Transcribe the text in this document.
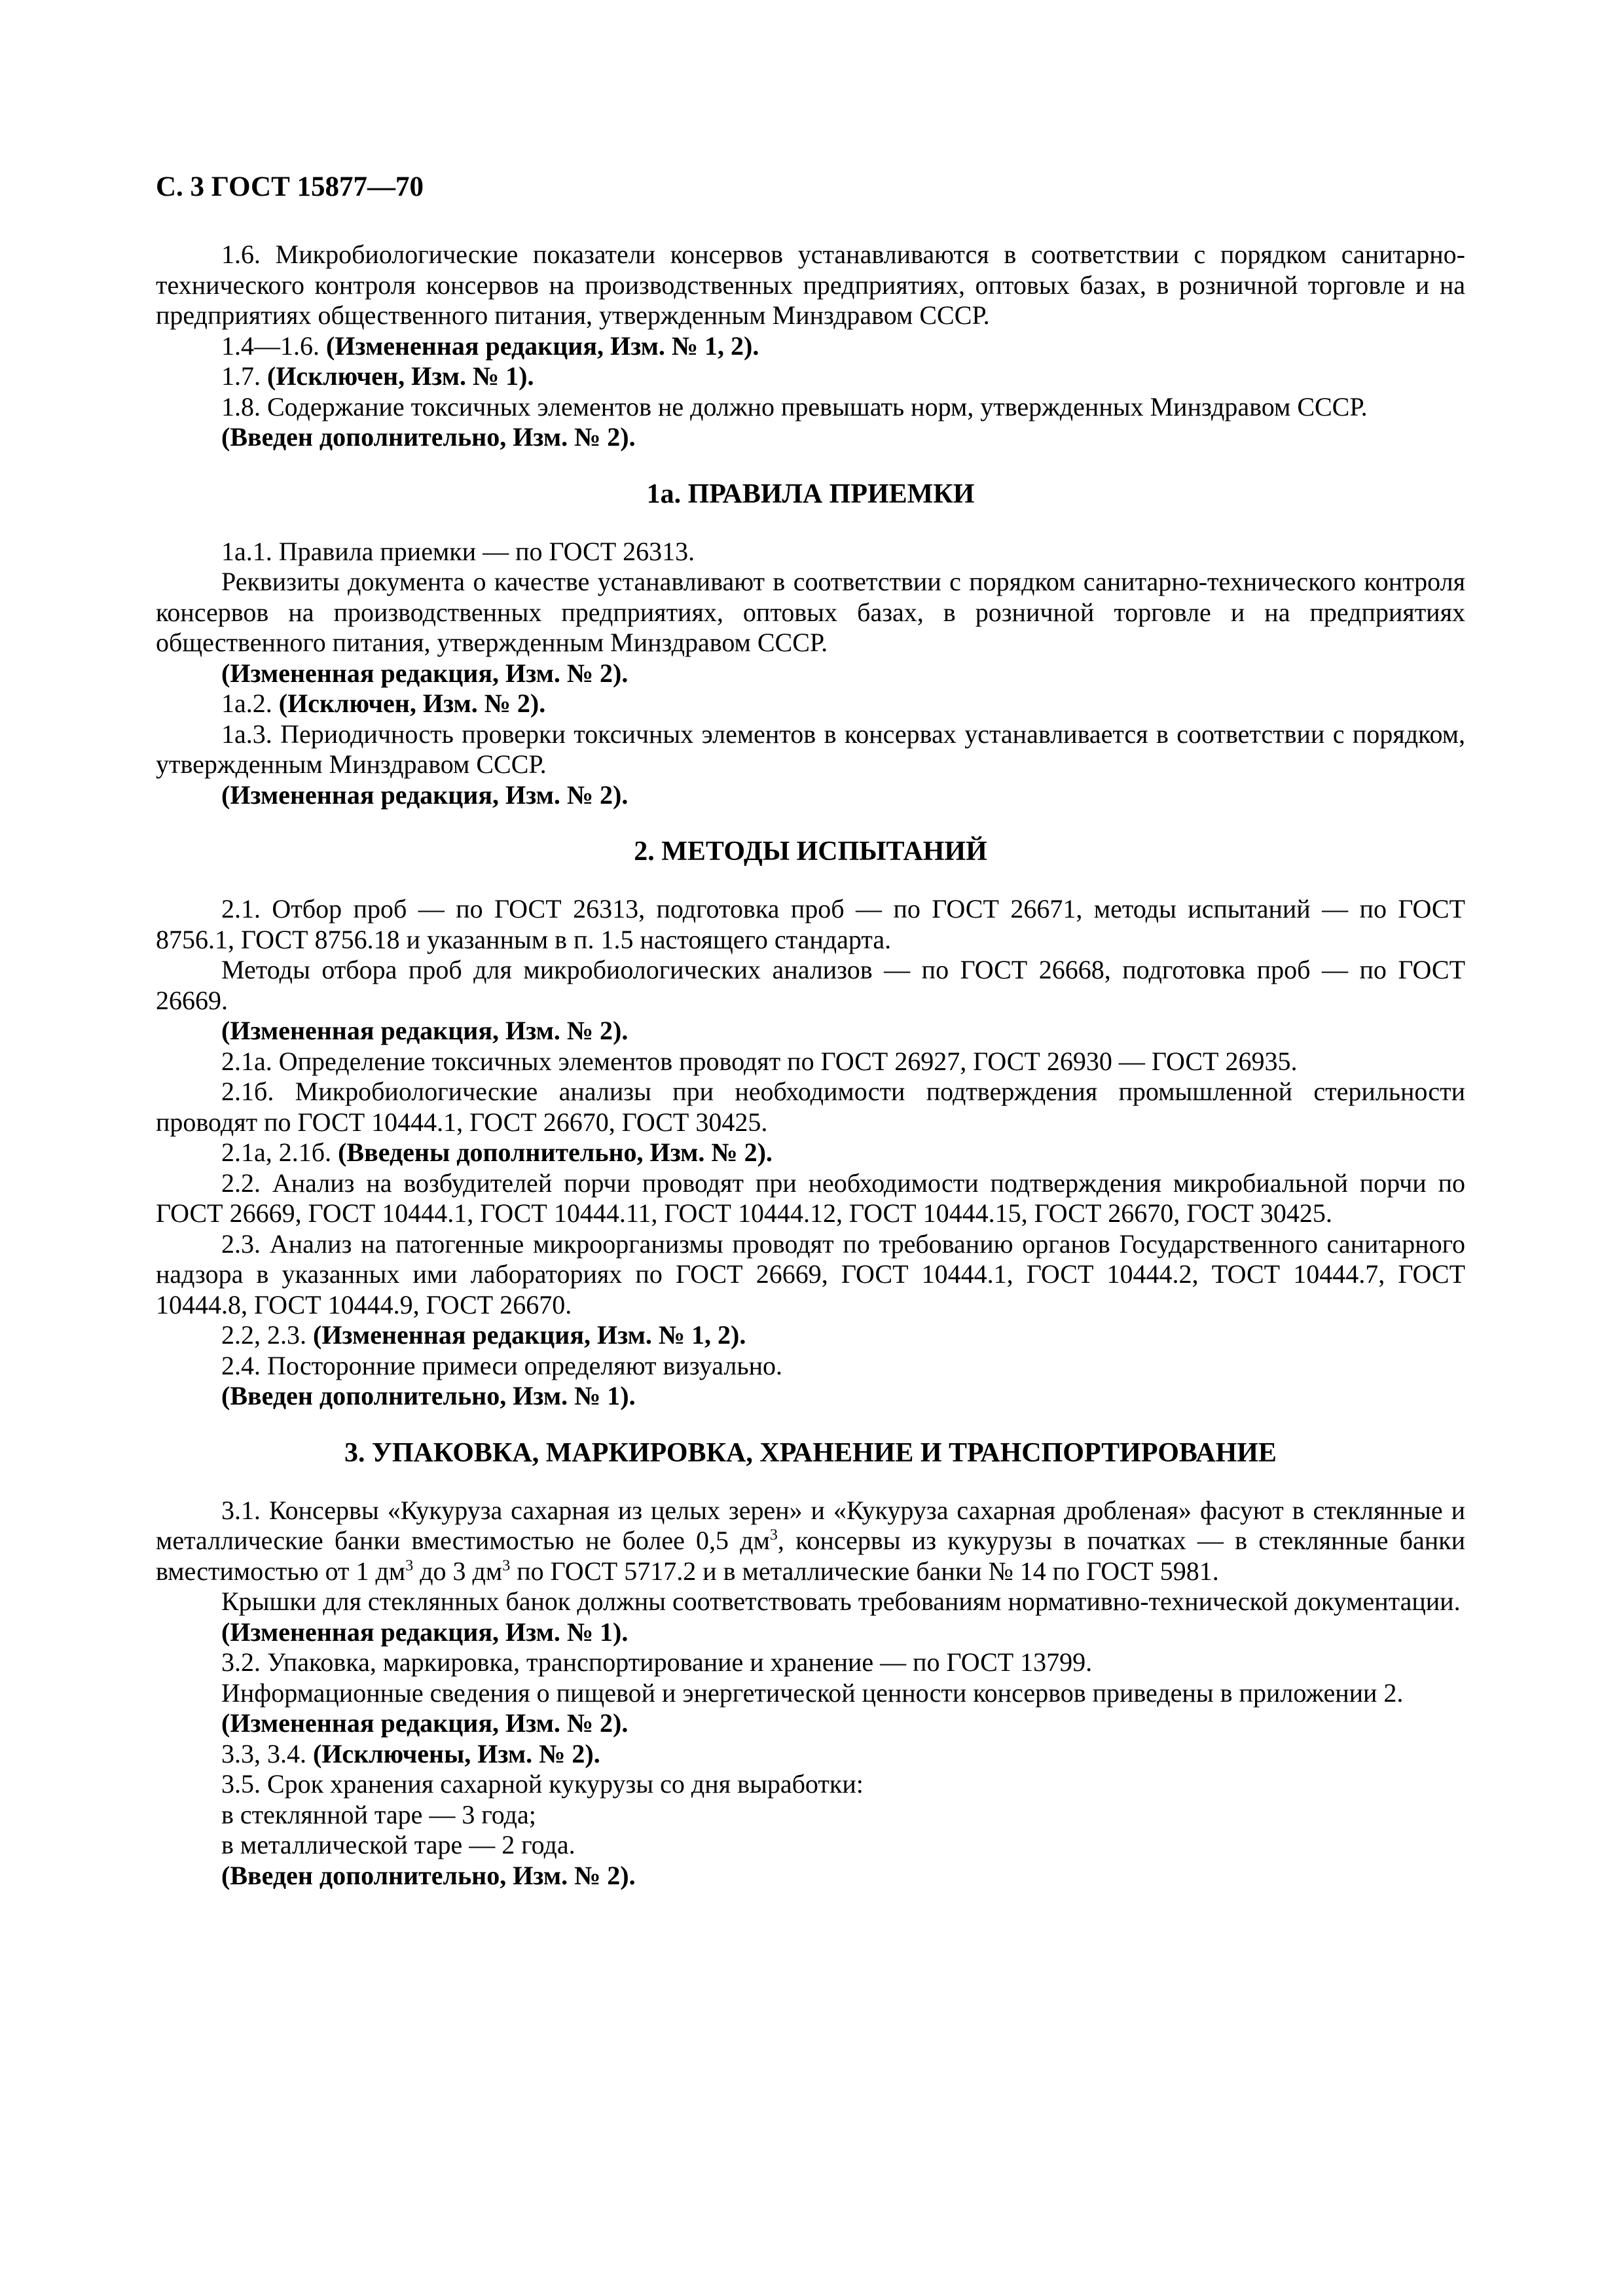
С. 3 ГОСТ 15877—70

1.6. Микробиологические показатели консервов устанавливаются в соответствии с порядком санитарно-технического контроля консервов на производственных предприятиях, оптовых базах, в розничной торговле и на предприятиях общественного питания, утвержденным Минздравом СССР.

1.4—1.6. (Измененная редакция, Изм. № 1, 2).

1.7. (Исключен, Изм. № 1).

1.8. Содержание токсичных элементов не должно превышать норм, утвержденных Минздравом СССР.

(Введен дополнительно, Изм. № 2).

1а. ПРАВИЛА ПРИЕМКИ

1а.1. Правила приемки — по ГОСТ 26313.

Реквизиты документа о качестве устанавливают в соответствии с порядком санитарно-технического контроля консервов на производственных предприятиях, оптовых базах, в розничной торговле и на предприятиях общественного питания, утвержденным Минздравом СССР.

(Измененная редакция, Изм. № 2).

1а.2. (Исключен, Изм. № 2).

1а.3. Периодичность проверки токсичных элементов в консервах устанавливается в соответствии с порядком, утвержденным Минздравом СССР.

(Измененная редакция, Изм. № 2).

2. МЕТОДЫ ИСПЫТАНИЙ

2.1. Отбор проб — по ГОСТ 26313, подготовка проб — по ГОСТ 26671, методы испытаний — по ГОСТ 8756.1, ГОСТ 8756.18 и указанным в п. 1.5 настоящего стандарта.

Методы отбора проб для микробиологических анализов — по ГОСТ 26668, подготовка проб — по ГОСТ 26669.

(Измененная редакция, Изм. № 2).

2.1а. Определение токсичных элементов проводят по ГОСТ 26927, ГОСТ 26930 — ГОСТ 26935.

2.1б. Микробиологические анализы при необходимости подтверждения промышленной стерильности проводят по ГОСТ 10444.1, ГОСТ 26670, ГОСТ 30425.

2.1а, 2.1б. (Введены дополнительно, Изм. № 2).

2.2. Анализ на возбудителей порчи проводят при необходимости подтверждения микробиальной порчи по ГОСТ 26669, ГОСТ 10444.1, ГОСТ 10444.11, ГОСТ 10444.12, ГОСТ 10444.15, ГОСТ 26670, ГОСТ 30425.

2.3. Анализ на патогенные микроорганизмы проводят по требованию органов Государственного санитарного надзора в указанных ими лабораториях по ГОСТ 26669, ГОСТ 10444.1, ГОСТ 10444.2, ТОСТ 10444.7, ГОСТ 10444.8, ГОСТ 10444.9, ГОСТ 26670.

2.2, 2.3. (Измененная редакция, Изм. № 1, 2).

2.4. Посторонние примеси определяют визуально.

(Введен дополнительно, Изм. № 1).

3. УПАКОВКА, МАРКИРОВКА, ХРАНЕНИЕ И ТРАНСПОРТИРОВАНИЕ

3.1. Консервы «Кукуруза сахарная из целых зерен» и «Кукуруза сахарная дробленая» фасуют в стеклянные и металлические банки вместимостью не более 0,5 $дм^3$, консервы из кукурузы в початках — в стеклянные банки вместимостью от 1 $дм^3$ до 3 $дм^3$ по ГОСТ 5717.2 и в металлические банки № 14 по ГОСТ 5981.

Крышки для стеклянных банок должны соответствовать требованиям нормативно-технической документации.

(Измененная редакция, Изм. № 1).

3.2. Упаковка, маркировка, транспортирование и хранение — по ГОСТ 13799.

Информационные сведения о пищевой и энергетической ценности консервов приведены в приложении 2.

(Измененная редакция, Изм. № 2).

3.3, 3.4. (Исключены, Изм. № 2).

3.5. Срок хранения сахарной кукурузы со дня выработки:

в стеклянной таре — 3 года;

в металлической таре — 2 года.

(Введен дополнительно, Изм. № 2).
